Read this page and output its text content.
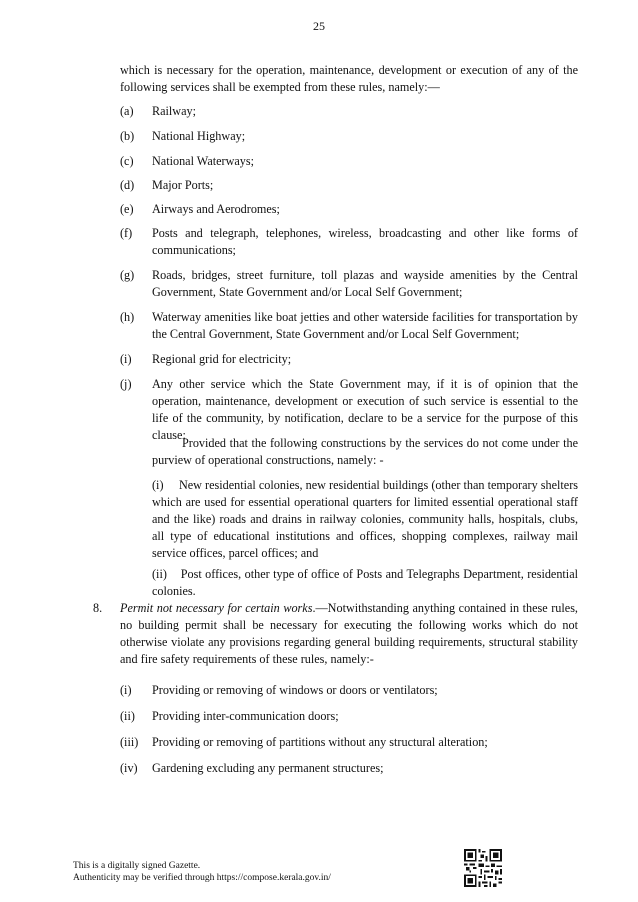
25
which is necessary for the operation, maintenance, development or execution of any of the following services shall be exempted from these rules, namely:—
(a) Railway;
(b) National Highway;
(c) National Waterways;
(d) Major Ports;
(e) Airways and Aerodromes;
(f) Posts and telegraph, telephones, wireless, broadcasting and other like forms of communications;
(g) Roads, bridges, street furniture, toll plazas and wayside amenities by the Central Government, State Government and/or Local Self Government;
(h) Waterway amenities like boat jetties and other waterside facilities for transportation by the Central Government, State Government and/or Local Self Government;
(i) Regional grid for electricity;
(j) Any other service which the State Government may, if it is of opinion that the operation, maintenance, development or execution of such service is essential to the life of the community, by notification, declare to be a service for the purpose of this clause:
Provided that the following constructions by the services do not come under the purview of operational constructions, namely: -
(i) New residential colonies, new residential buildings (other than temporary shelters which are used for essential operational quarters for limited essential operational staff and the like) roads and drains in railway colonies, community halls, hospitals, clubs, all type of educational institutions and offices, shopping complexes, railway mail service offices, parcel offices; and
(ii) Post offices, other type of office of Posts and Telegraphs Department, residential colonies.
8. Permit not necessary for certain works.—Notwithstanding anything contained in these rules, no building permit shall be necessary for executing the following works which do not otherwise violate any provisions regarding general building requirements, structural stability and fire safety requirements of these rules, namely:-
(i) Providing or removing of windows or doors or ventilators;
(ii) Providing inter-communication doors;
(iii) Providing or removing of partitions without any structural alteration;
(iv) Gardening excluding any permanent structures;
This is a digitally signed Gazette.
Authenticity may be verified through https://compose.kerala.gov.in/
